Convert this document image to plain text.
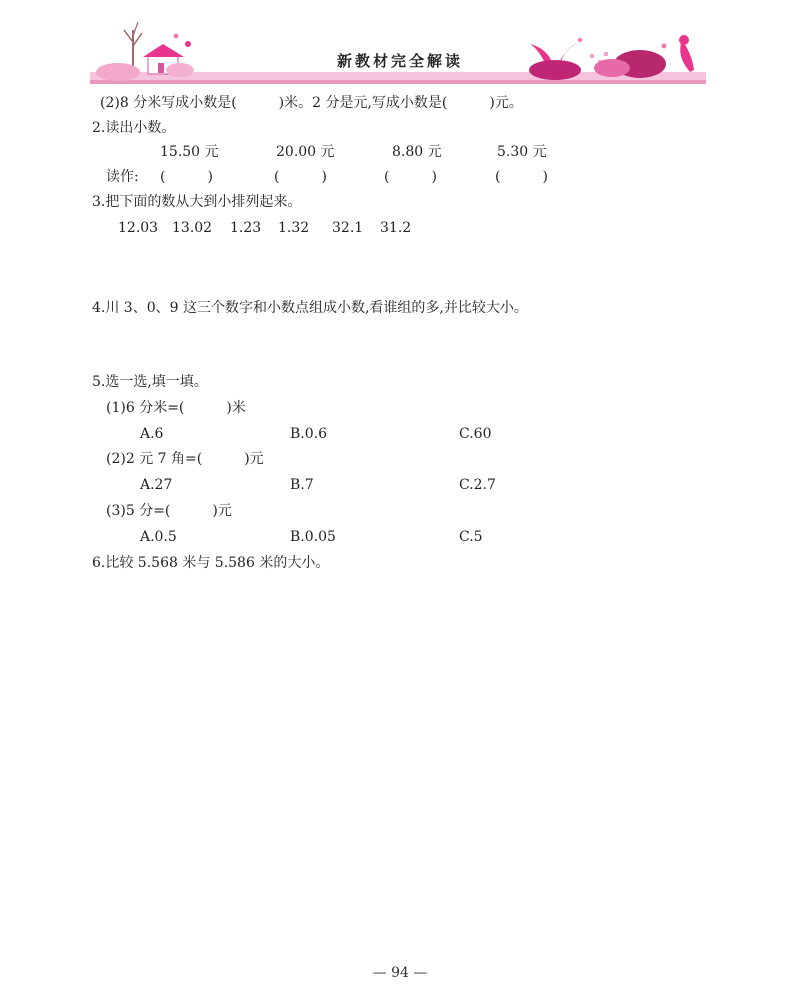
新教材完全解读
(2)8 分米写成小数是(　　　)米。2 分是元,写成小数是(　　　)元。
2.读出小数。
15.50 元	20.00 元	8.80 元	5.30 元
读作: (　　　)	(　　　)	(　　　)	(　　　)
3.把下面的数从大到小排列起来。
12.03 13.02 1.23 1.32 32.1 31.2
4.川 3、0、9 这三个数字和小数点组成小数,看谁组的多,并比较大小。
5.选一选,填一填。
(1)6 分米=(　　　)米
A.6	B.0.6	C.60
(2)2 元 7 角=(　　　)元
A.27	B.7	C.2.7
(3)5 分=(　　　)元
A.0.5	B.0.05	C.5
6.比较 5.568 米与 5.586 米的大小。
— 94 —
